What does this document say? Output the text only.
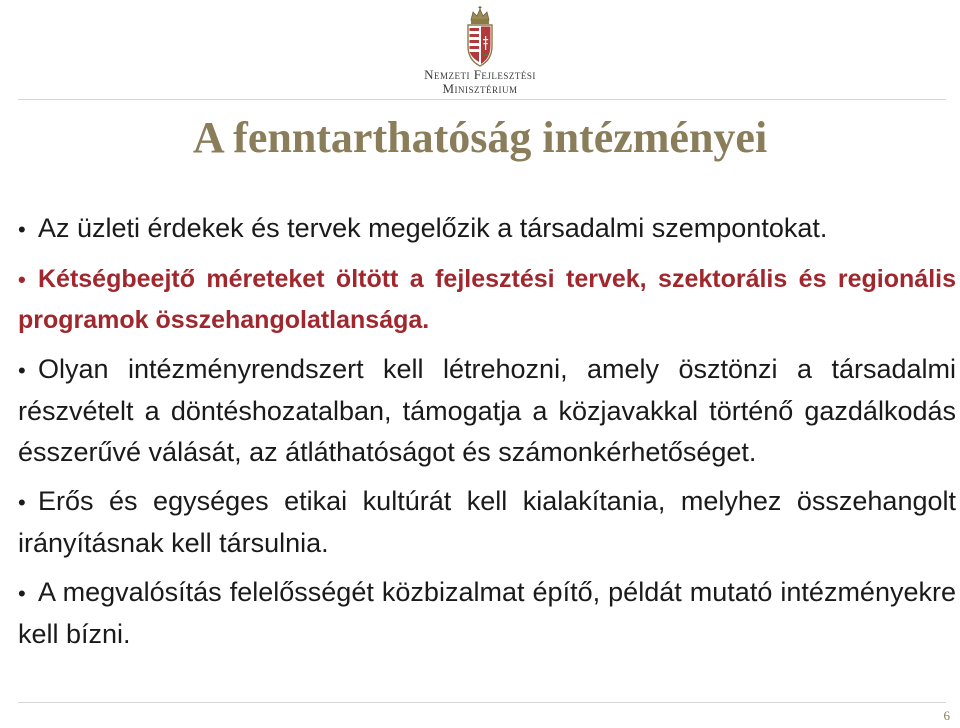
Nemzeti Fejlesztési
Minisztérium
A fenntarthatóság intézményei

• Az üzleti érdekek és tervek megelőzik a társadalmi szempontokat.

• Kétségbeejtő méreteket öltött a fejlesztési tervek, szektorális és regionális programok összehangolatlansága.

• Olyan intézményrendszert kell létrehozni, amely ösztönzi a társadalmi részvételt a döntéshozatalban, támogatja a közjavakkal történő gazdálkodás ésszerűvé válását, az átláthatóságot és számonkérhetőséget.

• Erős és egységes etikai kultúrát kell kialakítania, melyhez összehangolt irányításnak kell társulnia.

• A megvalósítás felelősségét közbizalmat építő, példát mutató intézményekre kell bízni.

6
